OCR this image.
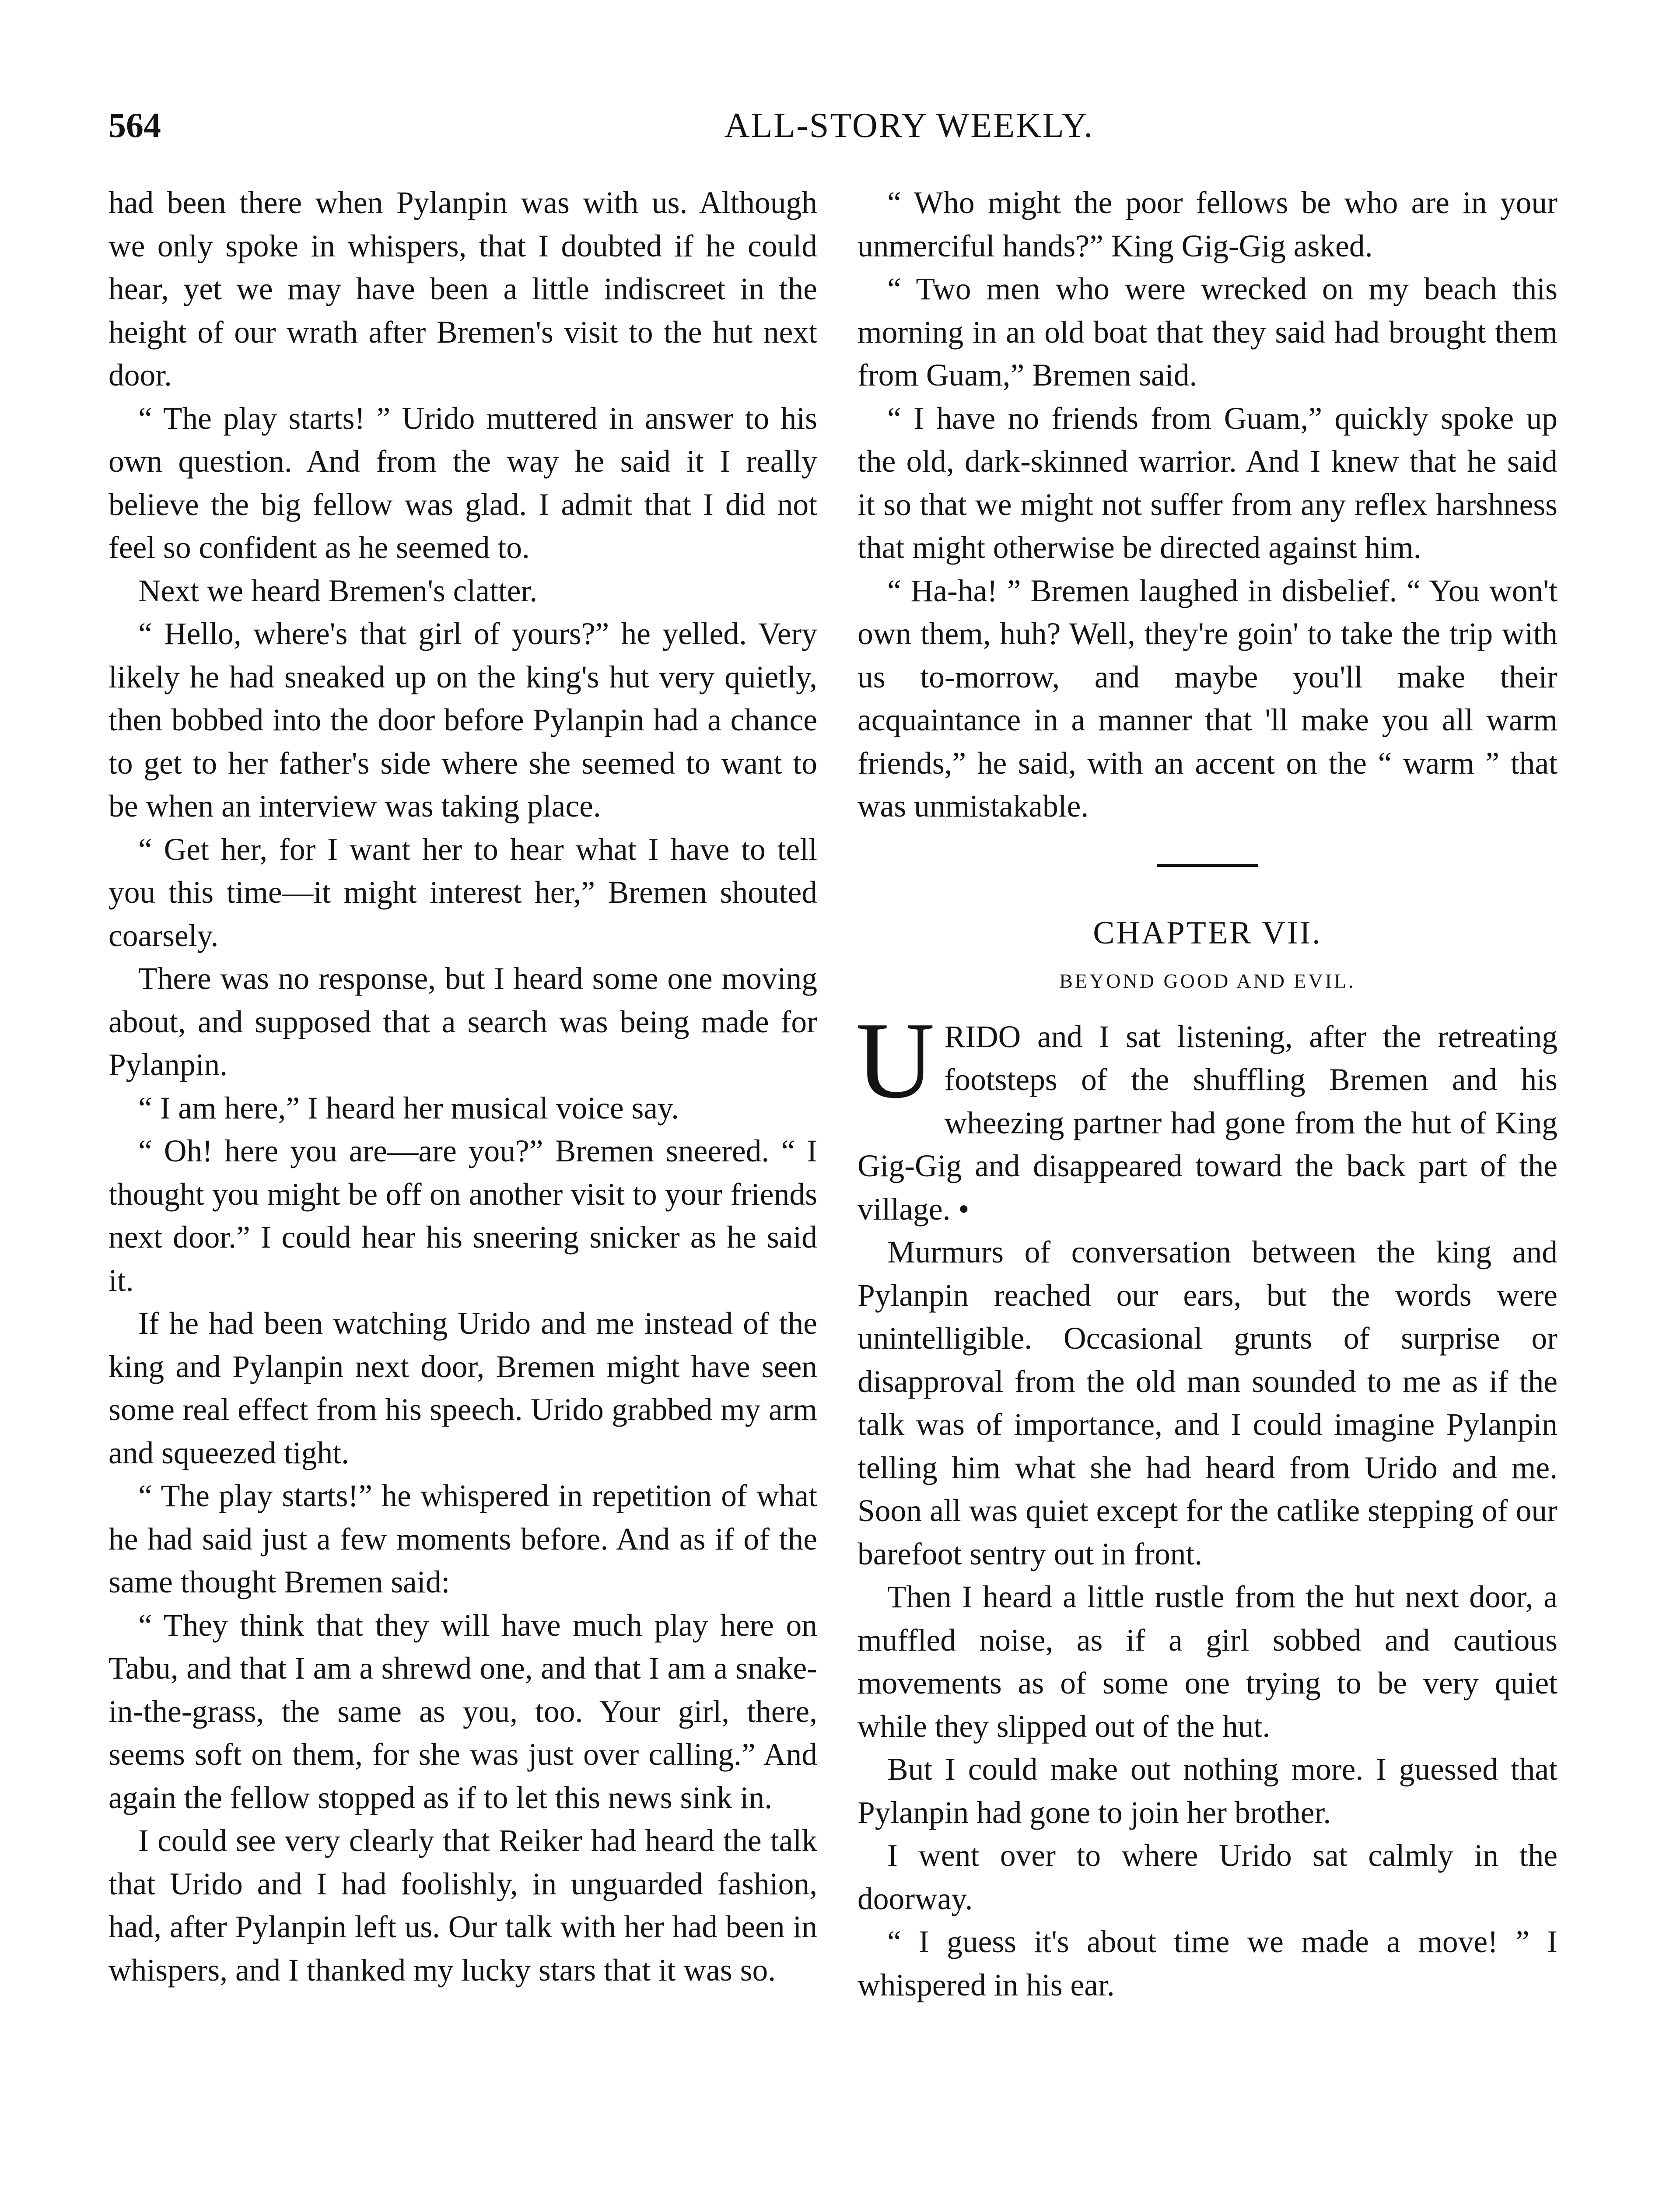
564	ALL-STORY WEEKLY.

had been there when Pylanpin was with us. Although we only spoke in whispers, that I doubted if he could hear, yet we may have been a little indiscreet in the height of our wrath after Bremen's visit to the hut next door.

“ The play starts! ” Urido muttered in answer to his own question. And from the way he said it I really believe the big fellow was glad. I admit that I did not feel so confident as he seemed to.

Next we heard Bremen's clatter.

“ Hello, where's that girl of yours?” he yelled. Very likely he had sneaked up on the king's hut very quietly, then bobbed into the door before Pylanpin had a chance to get to her father's side where she seemed to want to be when an interview was taking place.

“ Get her, for I want her to hear what I have to tell you this time—it might interest her,” Bremen shouted coarsely.

There was no response, but I heard some one moving about, and supposed that a search was being made for Pylanpin.

“ I am here,” I heard her musical voice say.

“ Oh! here you are—are you?” Bremen sneered. “ I thought you might be off on another visit to your friends next door.” I could hear his sneering snicker as he said it.

If he had been watching Urido and me instead of the king and Pylanpin next door, Bremen might have seen some real effect from his speech. Urido grabbed my arm and squeezed tight.

“ The play starts!” he whispered in repetition of what he had said just a few moments before. And as if of the same thought Bremen said:

“ They think that they will have much play here on Tabu, and that I am a shrewd one, and that I am a snake-in-the-grass, the same as you, too. Your girl, there, seems soft on them, for she was just over calling.” And again the fellow stopped as if to let this news sink in.

I could see very clearly that Reiker had heard the talk that Urido and I had foolishly, in unguarded fashion, had, after Pylanpin left us. Our talk with her had been in whispers, and I thanked my lucky stars that it was so.

“ Who might the poor fellows be who are in your unmerciful hands?” King Gig-Gig asked.

“ Two men who were wrecked on my beach this morning in an old boat that they said had brought them from Guam,” Bremen said.

“ I have no friends from Guam,” quickly spoke up the old, dark-skinned warrior. And I knew that he said it so that we might not suffer from any reflex harshness that might otherwise be directed against him.

“ Ha-ha! ” Bremen laughed in disbelief. “ You won't own them, huh? Well, they're goin' to take the trip with us to-morrow, and maybe you'll make their acquaintance in a manner that 'll make you all warm friends,” he said, with an accent on the “ warm ” that was unmistakable.

CHAPTER VII.
BEYOND GOOD AND EVIL.

URIDO and I sat listening, after the retreating footsteps of the shuffling Bremen and his wheezing partner had gone from the hut of King Gig-Gig and disappeared toward the back part of the village. •

Murmurs of conversation between the king and Pylanpin reached our ears, but the words were unintelligible. Occasional grunts of surprise or disapproval from the old man sounded to me as if the talk was of importance, and I could imagine Pylanpin telling him what she had heard from Urido and me. Soon all was quiet except for the catlike stepping of our barefoot sentry out in front.

Then I heard a little rustle from the hut next door, a muffled noise, as if a girl sobbed and cautious movements as of some one trying to be very quiet while they slipped out of the hut.

But I could make out nothing more. I guessed that Pylanpin had gone to join her brother.

I went over to where Urido sat calmly in the doorway.

“ I guess it's about time we made a move! ” I whispered in his ear.
